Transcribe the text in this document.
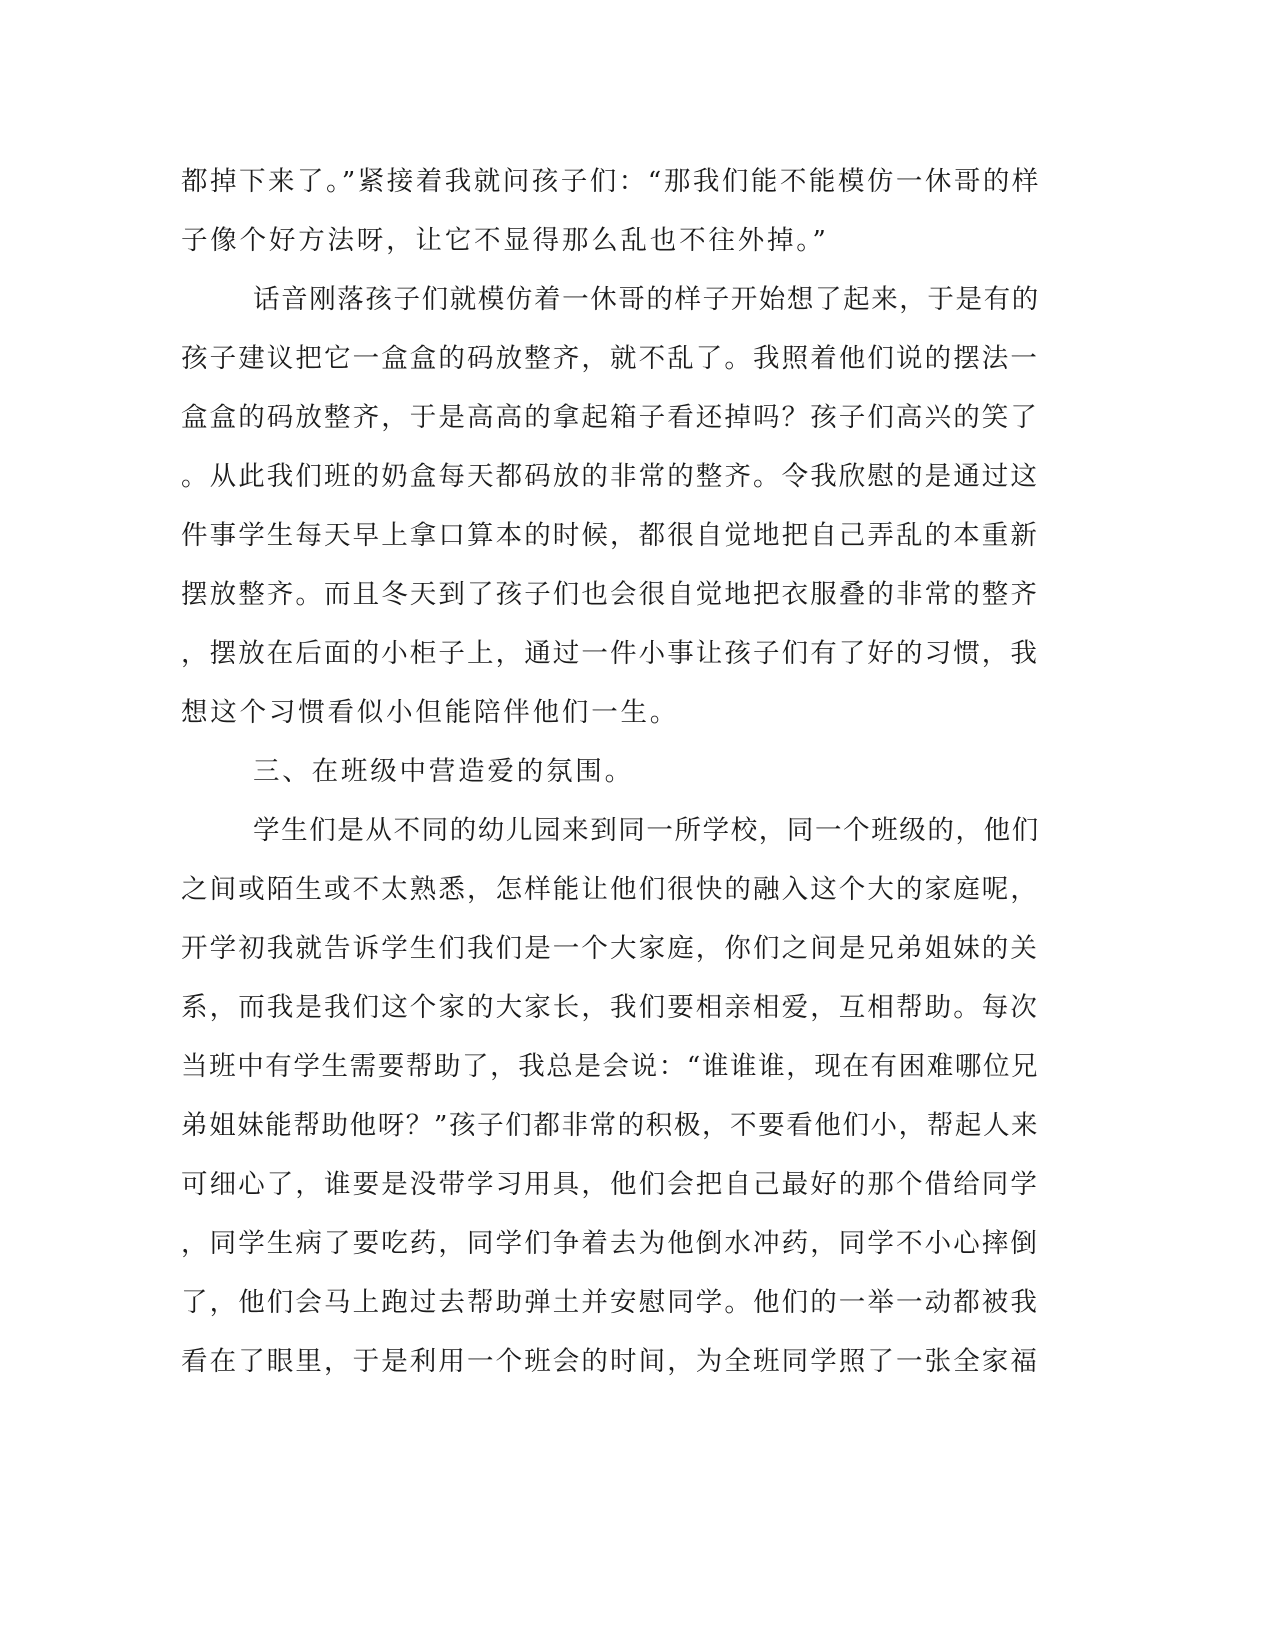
都掉下来了。”紧接着我就问孩子们：“那我们能不能模仿一休哥的样
子像个好方法呀，让它不显得那么乱也不往外掉。”
话音刚落孩子们就模仿着一休哥的样子开始想了起来，于是有的
孩子建议把它一盒盒的码放整齐，就不乱了。我照着他们说的摆法一
盒盒的码放整齐，于是高高的拿起箱子看还掉吗？孩子们高兴的笑了
。从此我们班的奶盒每天都码放的非常的整齐。令我欣慰的是通过这
件事学生每天早上拿口算本的时候，都很自觉地把自己弄乱的本重新
摆放整齐。而且冬天到了孩子们也会很自觉地把衣服叠的非常的整齐
，摆放在后面的小柜子上，通过一件小事让孩子们有了好的习惯，我
想这个习惯看似小但能陪伴他们一生。
三、在班级中营造爱的氛围。
学生们是从不同的幼儿园来到同一所学校，同一个班级的，他们
之间或陌生或不太熟悉，怎样能让他们很快的融入这个大的家庭呢，
开学初我就告诉学生们我们是一个大家庭，你们之间是兄弟姐妹的关
系，而我是我们这个家的大家长，我们要相亲相爱，互相帮助。每次
当班中有学生需要帮助了，我总是会说：“谁谁谁，现在有困难哪位兄
弟姐妹能帮助他呀？”孩子们都非常的积极，不要看他们小，帮起人来
可细心了，谁要是没带学习用具，他们会把自己最好的那个借给同学
，同学生病了要吃药，同学们争着去为他倒水冲药，同学不小心摔倒
了，他们会马上跑过去帮助弹土并安慰同学。他们的一举一动都被我
看在了眼里，于是利用一个班会的时间，为全班同学照了一张全家福
